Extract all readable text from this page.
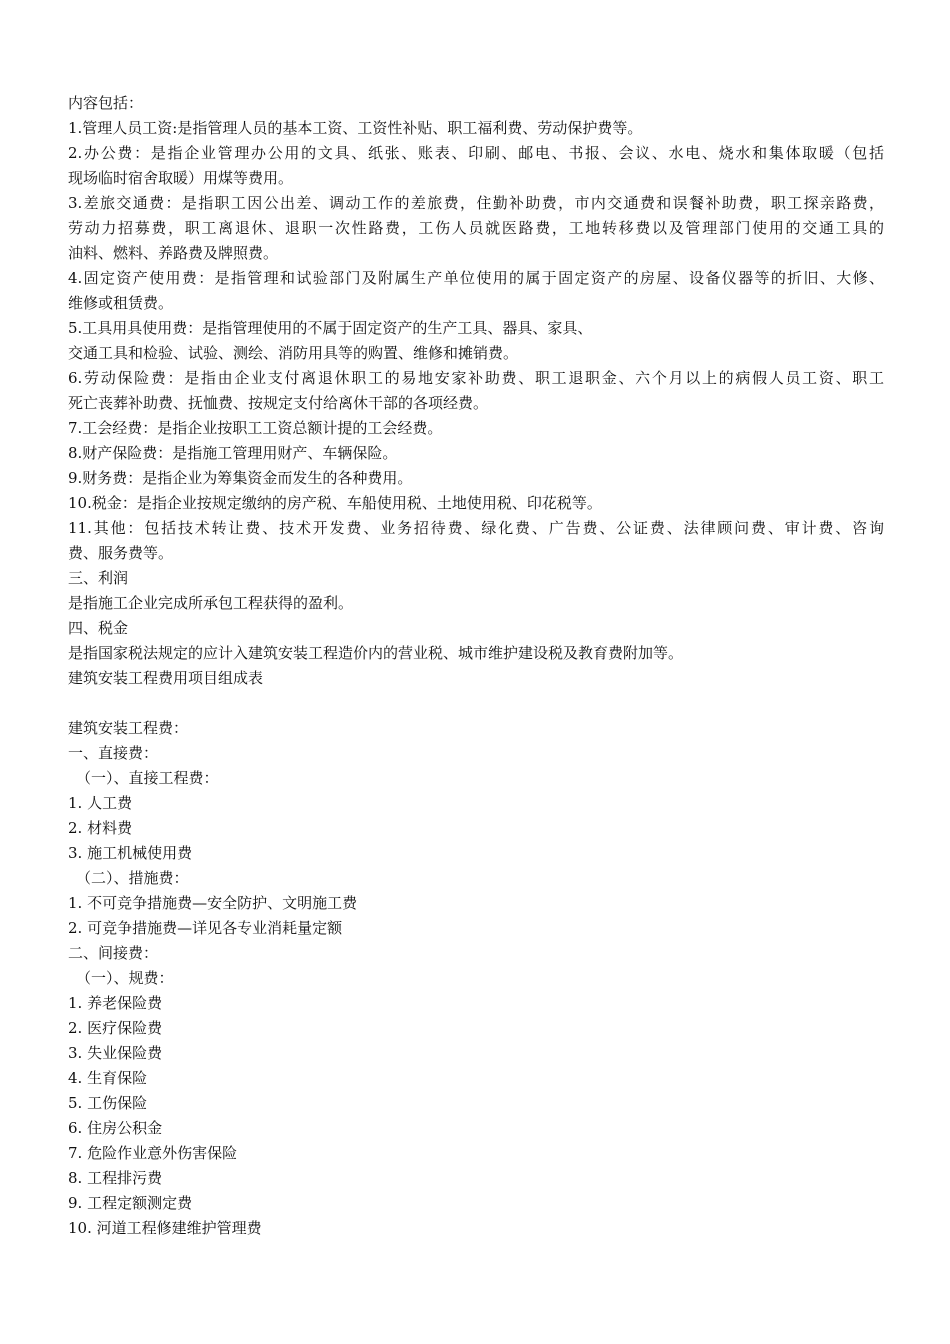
内容包括：
1.管理人员工资:是指管理人员的基本工资、工资性补贴、职工福利费、劳动保护费等。
2.办公费：是指企业管理办公用的文具、纸张、账表、印刷、邮电、书报、会议、水电、烧水和集体取暖（包括
现场临时宿舍取暖）用煤等费用。
3.差旅交通费：是指职工因公出差、调动工作的差旅费，住勤补助费，市内交通费和误餐补助费，职工探亲路费，
劳动力招募费，职工离退休、退职一次性路费，工伤人员就医路费，工地转移费以及管理部门使用的交通工具的
油料、燃料、养路费及牌照费。
4.固定资产使用费：是指管理和试验部门及附属生产单位使用的属于固定资产的房屋、设备仪器等的折旧、大修、
维修或租赁费。
5.工具用具使用费：是指管理使用的不属于固定资产的生产工具、器具、家具、
交通工具和检验、试验、测绘、消防用具等的购置、维修和摊销费。
6.劳动保险费：是指由企业支付离退休职工的易地安家补助费、职工退职金、六个月以上的病假人员工资、职工
死亡丧葬补助费、抚恤费、按规定支付给离休干部的各项经费。
7.工会经费：是指企业按职工工资总额计提的工会经费。
8.财产保险费：是指施工管理用财产、车辆保险。
9.财务费：是指企业为筹集资金而发生的各种费用。
10.税金：是指企业按规定缴纳的房产税、车船使用税、土地使用税、印花税等。
11.其他：包括技术转让费、技术开发费、业务招待费、绿化费、广告费、公证费、法律顾问费、审计费、咨询
费、服务费等。
三、利润
是指施工企业完成所承包工程获得的盈利。
四、税金
是指国家税法规定的应计入建筑安装工程造价内的营业税、城市维护建设税及教育费附加等。
建筑安装工程费用项目组成表
建筑安装工程费：
一、直接费：
（一）、直接工程费：
1. 人工费
2. 材料费
3. 施工机械使用费
（二）、措施费：
1. 不可竞争措施费—安全防护、文明施工费
2. 可竞争措施费—详见各专业消耗量定额
二、间接费：
（一）、规费：
1. 养老保险费
2. 医疗保险费
3. 失业保险费
4. 生育保险
5. 工伤保险
6. 住房公积金
7. 危险作业意外伤害保险
8. 工程排污费
9. 工程定额测定费
10. 河道工程修建维护管理费
